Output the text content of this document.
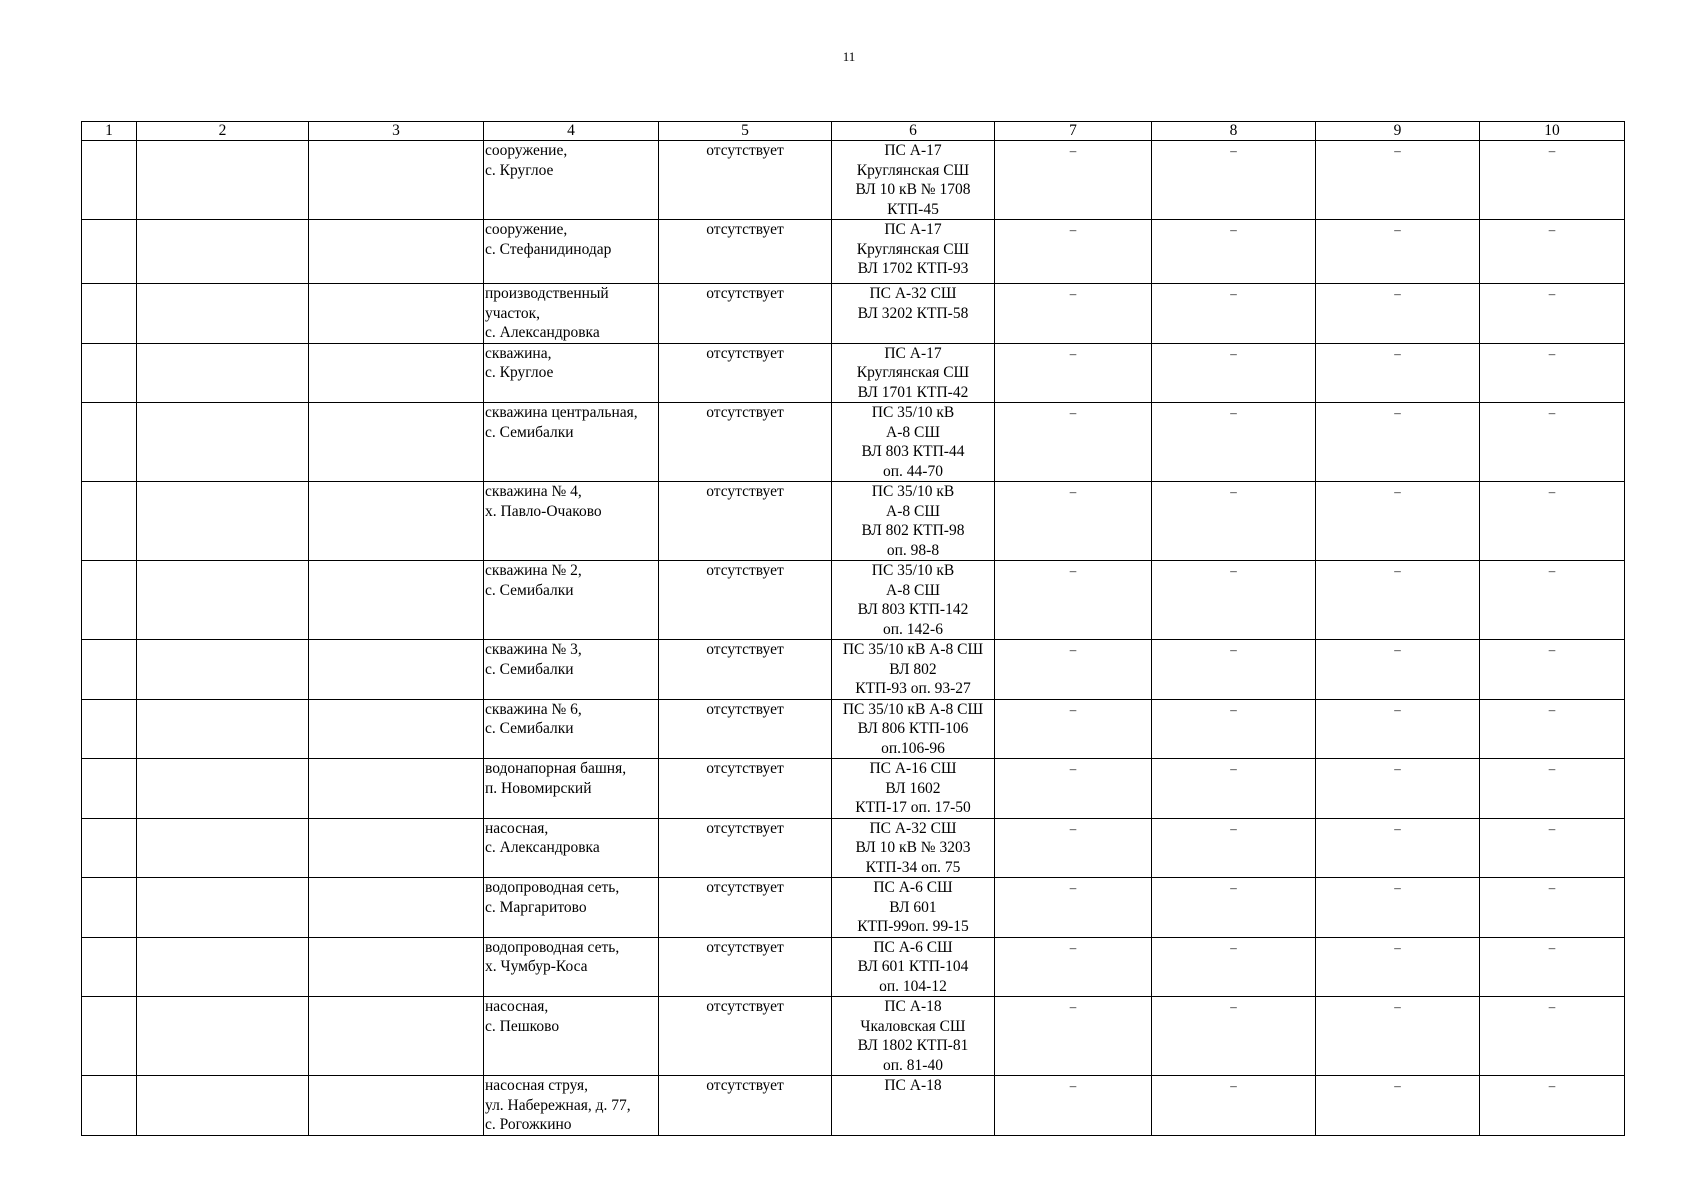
11
1	2	3	4	5	6	7	8	9	10

			сооружение,
с. Круглое	отсутствует	ПС А-17
Круглянская СШ
ВЛ 10 кВ № 1708
КТП-45	–	–	–	–

			сооружение,
с. Стефанидинодар	отсутствует	ПС А-17
Круглянская СШ
ВЛ 1702 КТП-93	–	–	–	–

			производственный
участок,
с. Александровка	отсутствует	ПС А-32 СШ
ВЛ 3202 КТП-58	–	–	–	–

			скважина,
с. Круглое	отсутствует	ПС А-17
Круглянская СШ
ВЛ 1701 КТП-42	–	–	–	–

			скважина центральная,
с. Семибалки	отсутствует	ПС 35/10 кВ
А-8 СШ
ВЛ 803 КТП-44
оп. 44-70	–	–	–	–

			скважина № 4,
х. Павло-Очаково	отсутствует	ПС 35/10 кВ
А-8 СШ
ВЛ 802 КТП-98
оп. 98-8	–	–	–	–

			скважина № 2,
с. Семибалки	отсутствует	ПС 35/10 кВ
А-8 СШ
ВЛ 803 КТП-142
оп. 142-6	–	–	–	–

			скважина № 3,
с. Семибалки	отсутствует	ПС 35/10 кВ А-8 СШ
ВЛ 802
КТП-93 оп. 93-27	–	–	–	–

			скважина № 6,
с. Семибалки	отсутствует	ПС 35/10 кВ А-8 СШ
ВЛ 806 КТП-106
оп.106-96	–	–	–	–

			водонапорная башня,
п. Новомирский	отсутствует	ПС А-16 СШ
ВЛ 1602
КТП-17 оп. 17-50	–	–	–	–

			насосная,
с. Александровка	отсутствует	ПС А-32 СШ
ВЛ 10 кВ № 3203
КТП-34 оп. 75	–	–	–	–

			водопроводная сеть,
с. Маргаритово	отсутствует	ПС А-6 СШ
ВЛ 601
КТП-99оп. 99-15	–	–	–	–

			водопроводная сеть,
х. Чумбур-Коса	отсутствует	ПС А-6 СШ
ВЛ 601 КТП-104
оп. 104-12	–	–	–	–

			насосная,
с. Пешково	отсутствует	ПС А-18
Чкаловская СШ
ВЛ 1802 КТП-81
оп. 81-40	–	–	–	–

			насосная струя,
ул. Набережная, д. 77,
с. Рогожкино	отсутствует	ПС А-18	–	–	–	–
